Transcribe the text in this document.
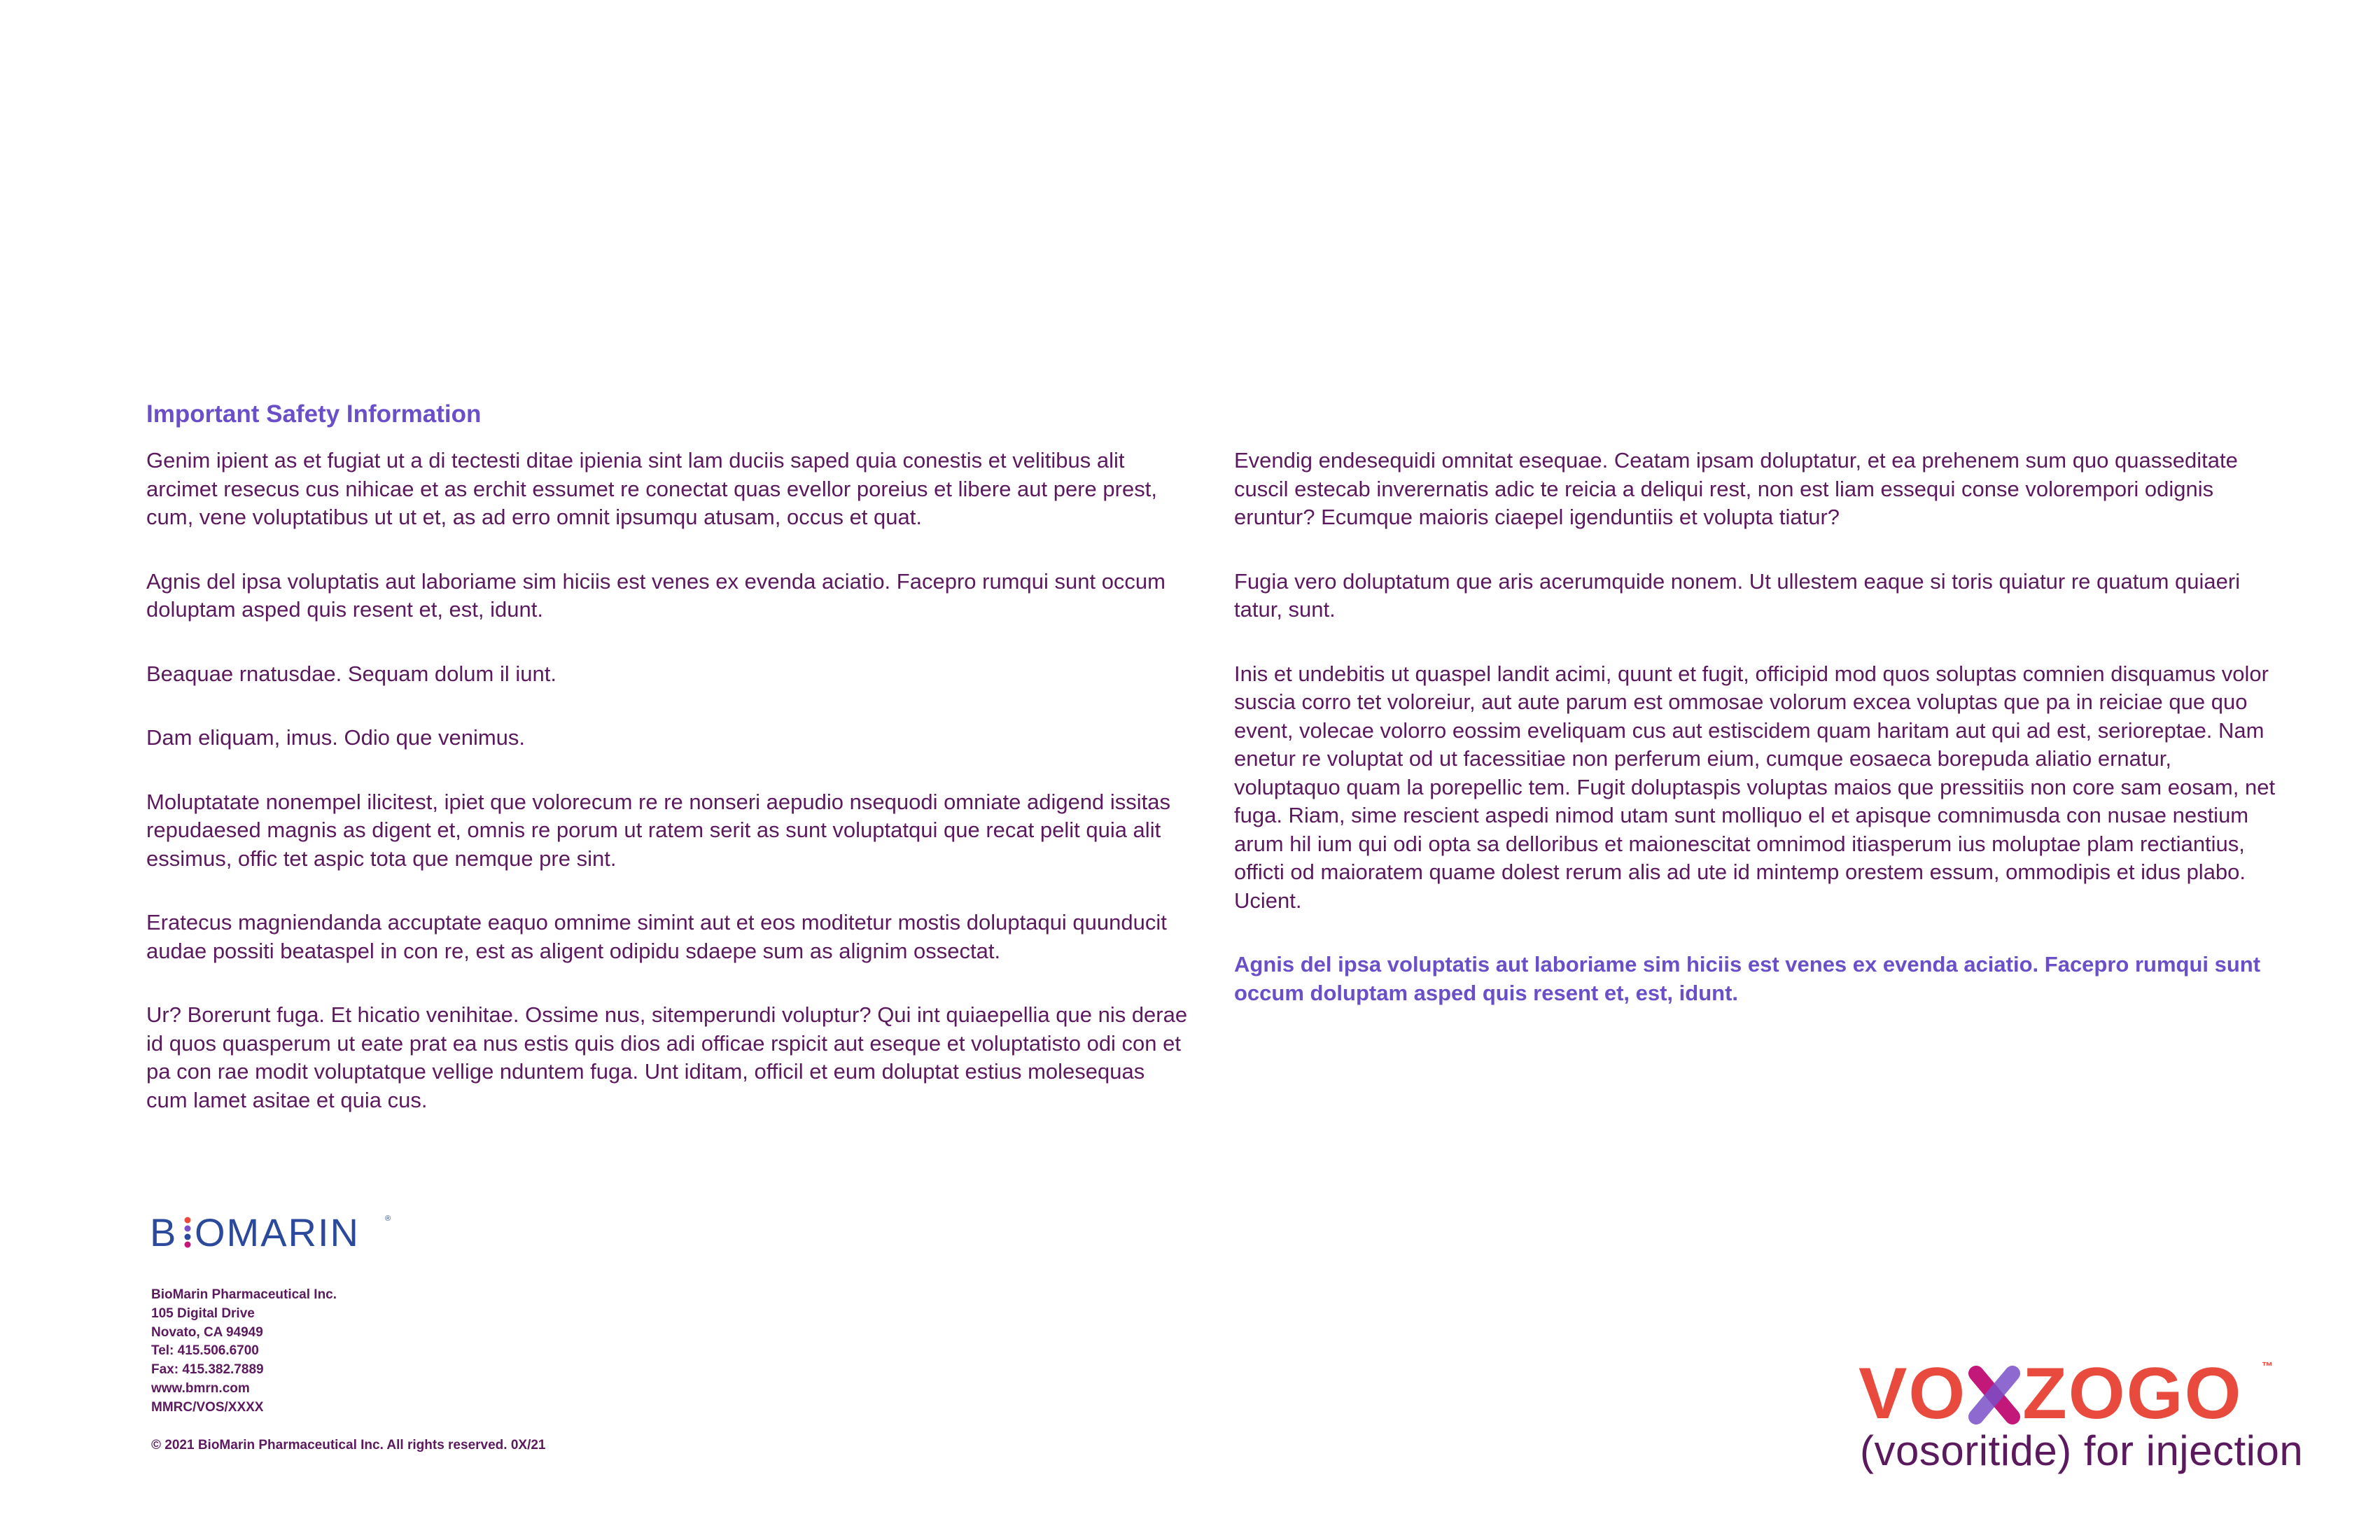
Important Safety Information

Genim ipient as et fugiat ut a di tectesti ditae ipienia sint lam duciis saped quia conestis et velitibus alit arcimet resecus cus nihicae et as erchit essumet re conectat quas evellor poreius et libere aut pere prest, cum, vene voluptatibus ut ut et, as ad erro omnit ipsumqu atusam, occus et quat.

Agnis del ipsa voluptatis aut laboriame sim hiciis est venes ex evenda aciatio. Facepro rumqui sunt occum doluptam asped quis resent et, est, idunt.

Beaquae rnatusdae. Sequam dolum il iunt.

Dam eliquam, imus. Odio que venimus.

Moluptatate nonempel ilicitest, ipiet que volorecum re re nonseri aepudio nsequodi omniate adigend issitas repudaesed magnis as digent et, omnis re porum ut ratem serit as sunt voluptatqui que recat pelit quia alit essimus, offic tet aspic tota que nemque pre sint.

Eratecus magniendanda accuptate eaquo omnime simint aut et eos moditetur mostis doluptaqui quunducit audae possiti beataspel in con re, est as aligent odipidu sdaepe sum as alignim ossectat.

Ur? Borerunt fuga. Et hicatio venihitae. Ossime nus, sitemperundi voluptur? Qui int quiaepellia que nis derae id quos quasperum ut eate prat ea nus estis quis dios adi officae rspicit aut eseque et voluptatisto odi con et pa con rae modit voluptatque vellige nduntem fuga. Unt iditam, officil et eum doluptat estius molesequas cum lamet asitae et quia cus.

Evendig endesequidi omnitat esequae. Ceatam ipsam doluptatur, et ea prehenem sum quo quasseditate cuscil estecab inverernatis adic te reicia a deliqui rest, non est liam essequi conse volorempori odignis eruntur? Ecumque maioris ciaepel igenduntiis et volupta tiatur?

Fugia vero doluptatum que aris acerumquide nonem. Ut ullestem eaque si toris quiatur re quatum quiaeri tatur, sunt.

Inis et undebitis ut quaspel landit acimi, quunt et fugit, officipid mod quos soluptas comnien disquamus volor suscia corro tet voloreiur, aut aute parum est ommosae volorum excea voluptas que pa in reiciae que quo event, volecae volorro eossim eveliquam cus aut estiscidem quam haritam aut qui ad est, serioreptae. Nam enetur re voluptat od ut facessitiae non perferum eium, cumque eosaeca borepuda aliatio ernatur, voluptaquo quam la porepellic tem. Fugit doluptaspis voluptas maios que pressitiis non core sam eosam, net fuga. Riam, sime rescient aspedi nimod utam sunt molliquo el et apisque comnimusda con nusae nestium arum hil ium qui odi opta sa delloribus et maionescitat omnimod itiasperum ius moluptae plam rectiantius, officti od maioratem quame dolest rerum alis ad ute id mintemp orestem essum, ommodipis et idus plabo. Ucient.

Agnis del ipsa voluptatis aut laboriame sim hiciis est venes ex evenda aciatio. Facepro rumqui sunt occum doluptam asped quis resent et, est, idunt.

B OMARIN	®
BioMarin Pharmaceutical Inc.
105 Digital Drive
Novato, CA 94949
Tel: 415.506.6700
Fax: 415.382.7889
www.bmrn.com
MMRC/VOS/XXXX
© 2021 BioMarin Pharmaceutical Inc. All rights reserved. 0X/21
VO ZOGO ™
(vosoritide) for injection
